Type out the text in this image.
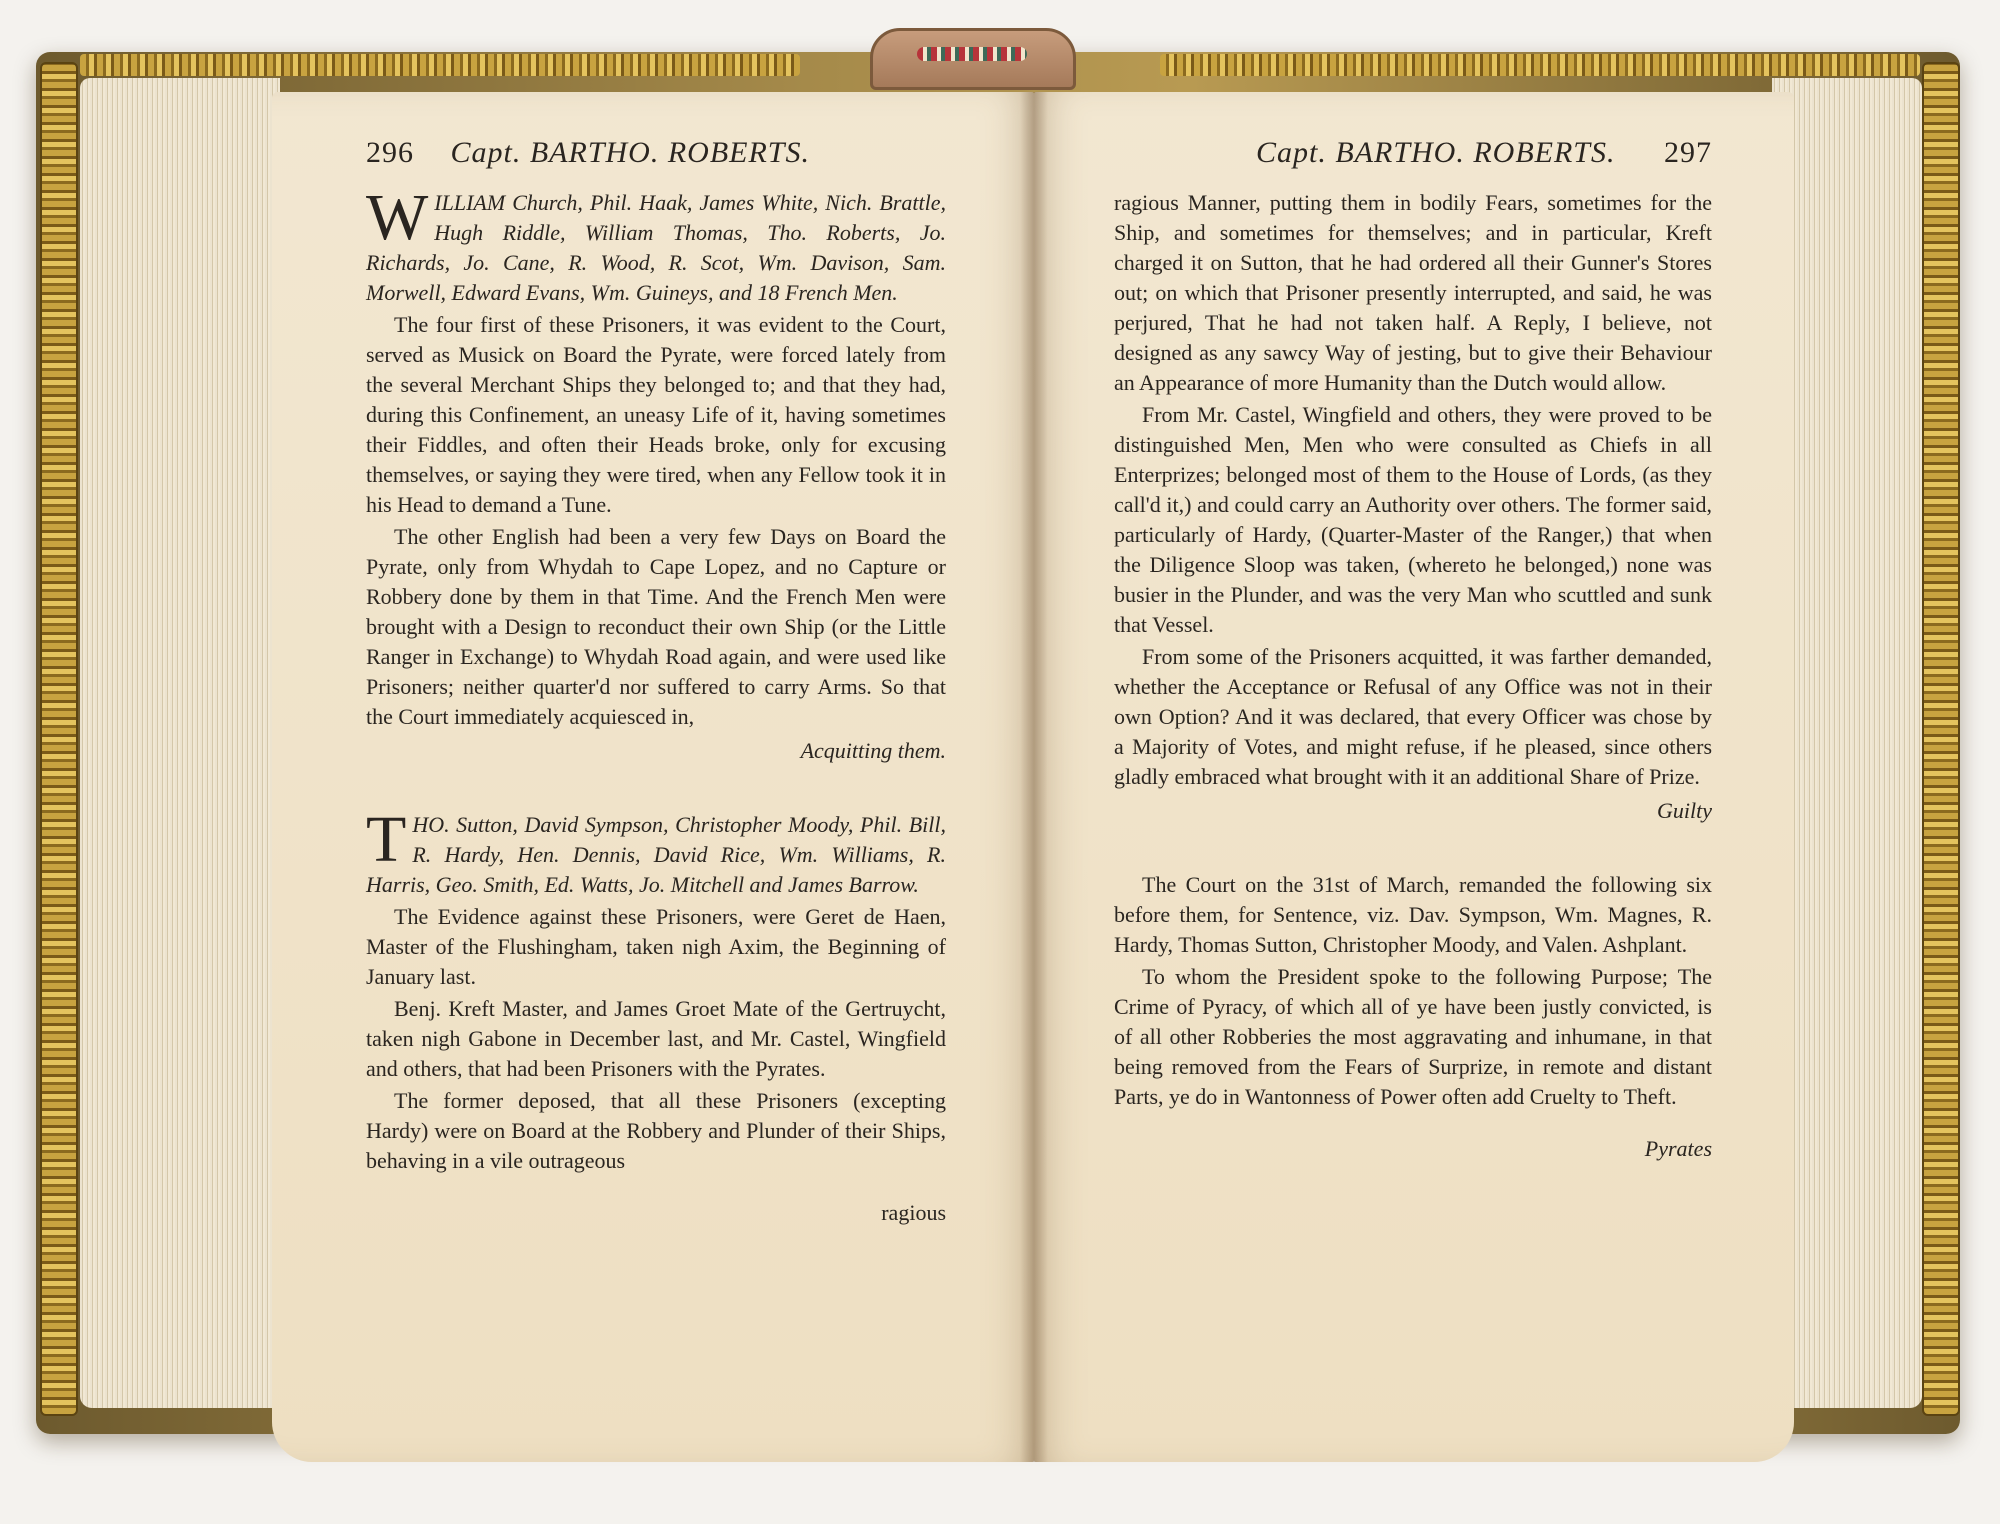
296 Capt. BARTHO. ROBERTS.

WILLIAM Church, Phil. Haak, James White, Nich. Brattle, Hugh Riddle, William Thomas, Tho. Roberts, Jo. Richards, Jo. Cane, R. Wood, R. Scot, Wm. Davison, Sam. Morwell, Edward Evans, Wm. Guineys, and 18 French Men.

The four first of these Prisoners, it was evident to the Court, served as Musick on Board the Pyrate, were forced lately from the several Merchant Ships they belonged to; and that they had, during this Confinement, an uneasy Life of it, having sometimes their Fiddles, and often their Heads broke, only for excusing themselves, or saying they were tired, when any Fellow took it in his Head to demand a Tune.

The other English had been a very few Days on Board the Pyrate, only from Whydah to Cape Lopez, and no Capture or Robbery done by them in that Time. And the French Men were brought with a Design to reconduct their own Ship (or the Little Ranger in Exchange) to Whydah Road again, and were used like Prisoners; neither quarter'd nor suffered to carry Arms. So that the Court immediately acquiesced in,

Acquitting them.

THO. Sutton, David Sympson, Christopher Moody, Phil. Bill, R. Hardy, Hen. Dennis, David Rice, Wm. Williams, R. Harris, Geo. Smith, Ed. Watts, Jo. Mitchell and James Barrow.

The Evidence against these Prisoners, were Geret de Haen, Master of the Flushingham, taken nigh Axim, the Beginning of January last.

Benj. Kreft Master, and James Groet Mate of the Gertruycht, taken nigh Gabone in December last, and Mr. Castel, Wingfield and others, that had been Prisoners with the Pyrates.

The former deposed, that all these Prisoners (excepting Hardy) were on Board at the Robbery and Plunder of their Ships, behaving in a vile outrageous

ragious

Capt. BARTHO. ROBERTS. 297

ragious Manner, putting them in bodily Fears, sometimes for the Ship, and sometimes for themselves; and in particular, Kreft charged it on Sutton, that he had ordered all their Gunner's Stores out; on which that Prisoner presently interrupted, and said, he was perjured, That he had not taken half. A Reply, I believe, not designed as any sawcy Way of jesting, but to give their Behaviour an Appearance of more Humanity than the Dutch would allow.

From Mr. Castel, Wingfield and others, they were proved to be distinguished Men, Men who were consulted as Chiefs in all Enterprizes; belonged most of them to the House of Lords, (as they call'd it,) and could carry an Authority over others. The former said, particularly of Hardy, (Quarter-Master of the Ranger,) that when the Diligence Sloop was taken, (whereto he belonged,) none was busier in the Plunder, and was the very Man who scuttled and sunk that Vessel.

From some of the Prisoners acquitted, it was farther demanded, whether the Acceptance or Refusal of any Office was not in their own Option? And it was declared, that every Officer was chose by a Majority of Votes, and might refuse, if he pleased, since others gladly embraced what brought with it an additional Share of Prize.

Guilty

The Court on the 31st of March, remanded the following six before them, for Sentence, viz. Dav. Sympson, Wm. Magnes, R. Hardy, Thomas Sutton, Christopher Moody, and Valen. Ashplant.

To whom the President spoke to the following Purpose; The Crime of Pyracy, of which all of ye have been justly convicted, is of all other Robberies the most aggravating and inhumane, in that being removed from the Fears of Surprize, in remote and distant Parts, ye do in Wantonness of Power often add Cruelty to Theft.

Pyrates
